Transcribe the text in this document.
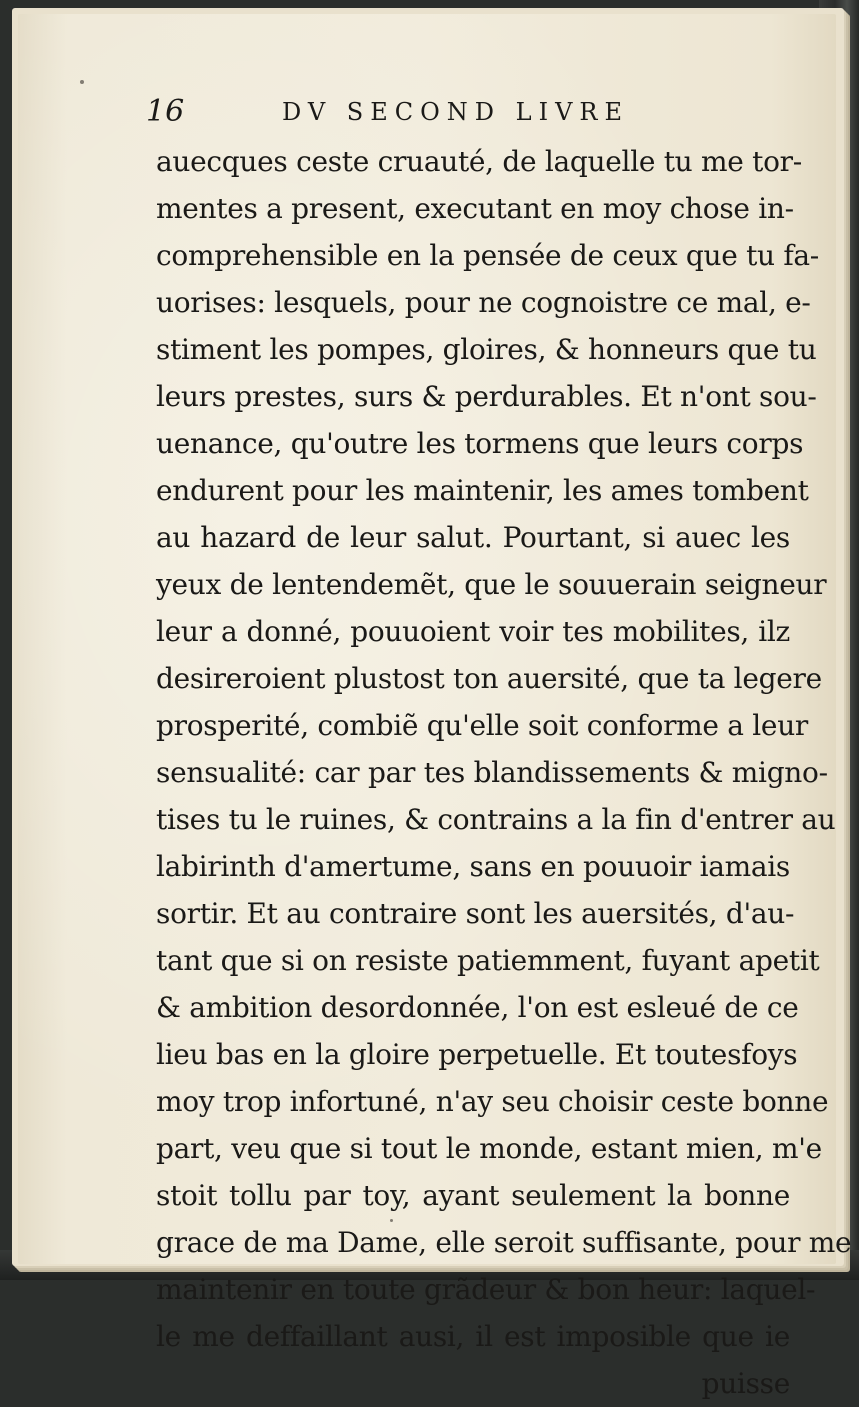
16	DV SECOND LIVRE
auecques ceste cruauté, de laquelle tu me tor-
mentes a present, executant en moy chose in-
comprehensible en la pensée de ceux que tu fa-
uorises: lesquels, pour ne cognoistre ce mal, e-
stiment les pompes, gloires, & honneurs que tu
leurs prestes, surs & perdurables. Et n'ont sou-
uenance, qu'outre les tormens que leurs corps
endurent pour les maintenir, les ames tombent
au hazard de leur salut. Pourtant, si auec les
yeux de lentendemẽt, que le souuerain seigneur
leur a donné, pouuoient voir tes mobilites, ilz
desireroient plustost ton auersité, que ta legere
prosperité, combiẽ qu'elle soit conforme a leur
sensualité: car par tes blandissements & migno-
tises tu le ruines, & contrains a la fin d'entrer au
labirinth d'amertume, sans en pouuoir iamais
sortir. Et au contraire sont les auersités, d'au-
tant que si on resiste patiemment, fuyant apetit
& ambition desordonnée, l'on est esleué de ce
lieu bas en la gloire perpetuelle. Et toutesfoys
moy trop infortuné, n'ay seu choisir ceste bonne
part, veu que si tout le monde, estant mien, m'e
stoit tollu par toy, ayant seulement la bonne
grace de ma Dame, elle seroit suffisante, pour me
maintenir en toute grãdeur & bon heur: laquel-
le me deffaillant ausi, il est imposible que ie
puisse
